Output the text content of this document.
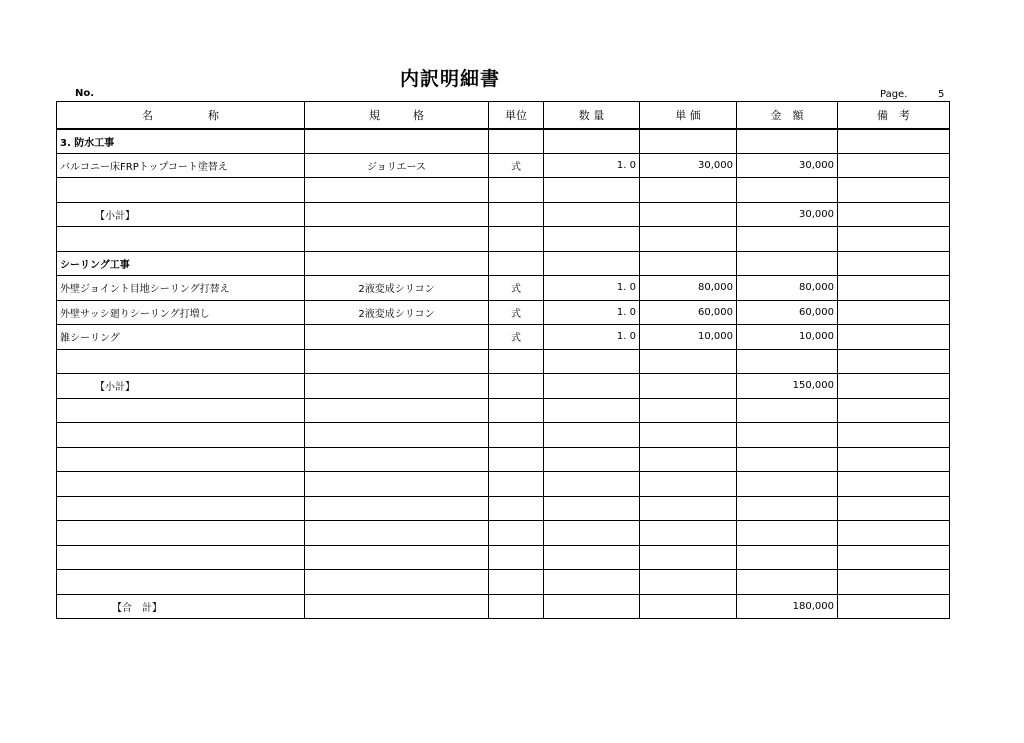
内訳明細書
No.	Page.	5
名　　　　　称	規　　　格	単位	数 量	単 価	金　額	備　考
3. 防水工事						
バルコニー床FRPトップコート塗替え	ジョリエース	式	1. 0	30,000	30,000	

【小計】					30,000	

シーリング工事						
外壁ジョイント目地シーリング打替え	2液変成シリコン	式	1. 0	80,000	80,000	
外壁サッシ廻りシーリング打増し	2液変成シリコン	式	1. 0	60,000	60,000	
雑シーリング		式	1. 0	10,000	10,000	

【小計】					150,000	

【合　計】					180,000	
